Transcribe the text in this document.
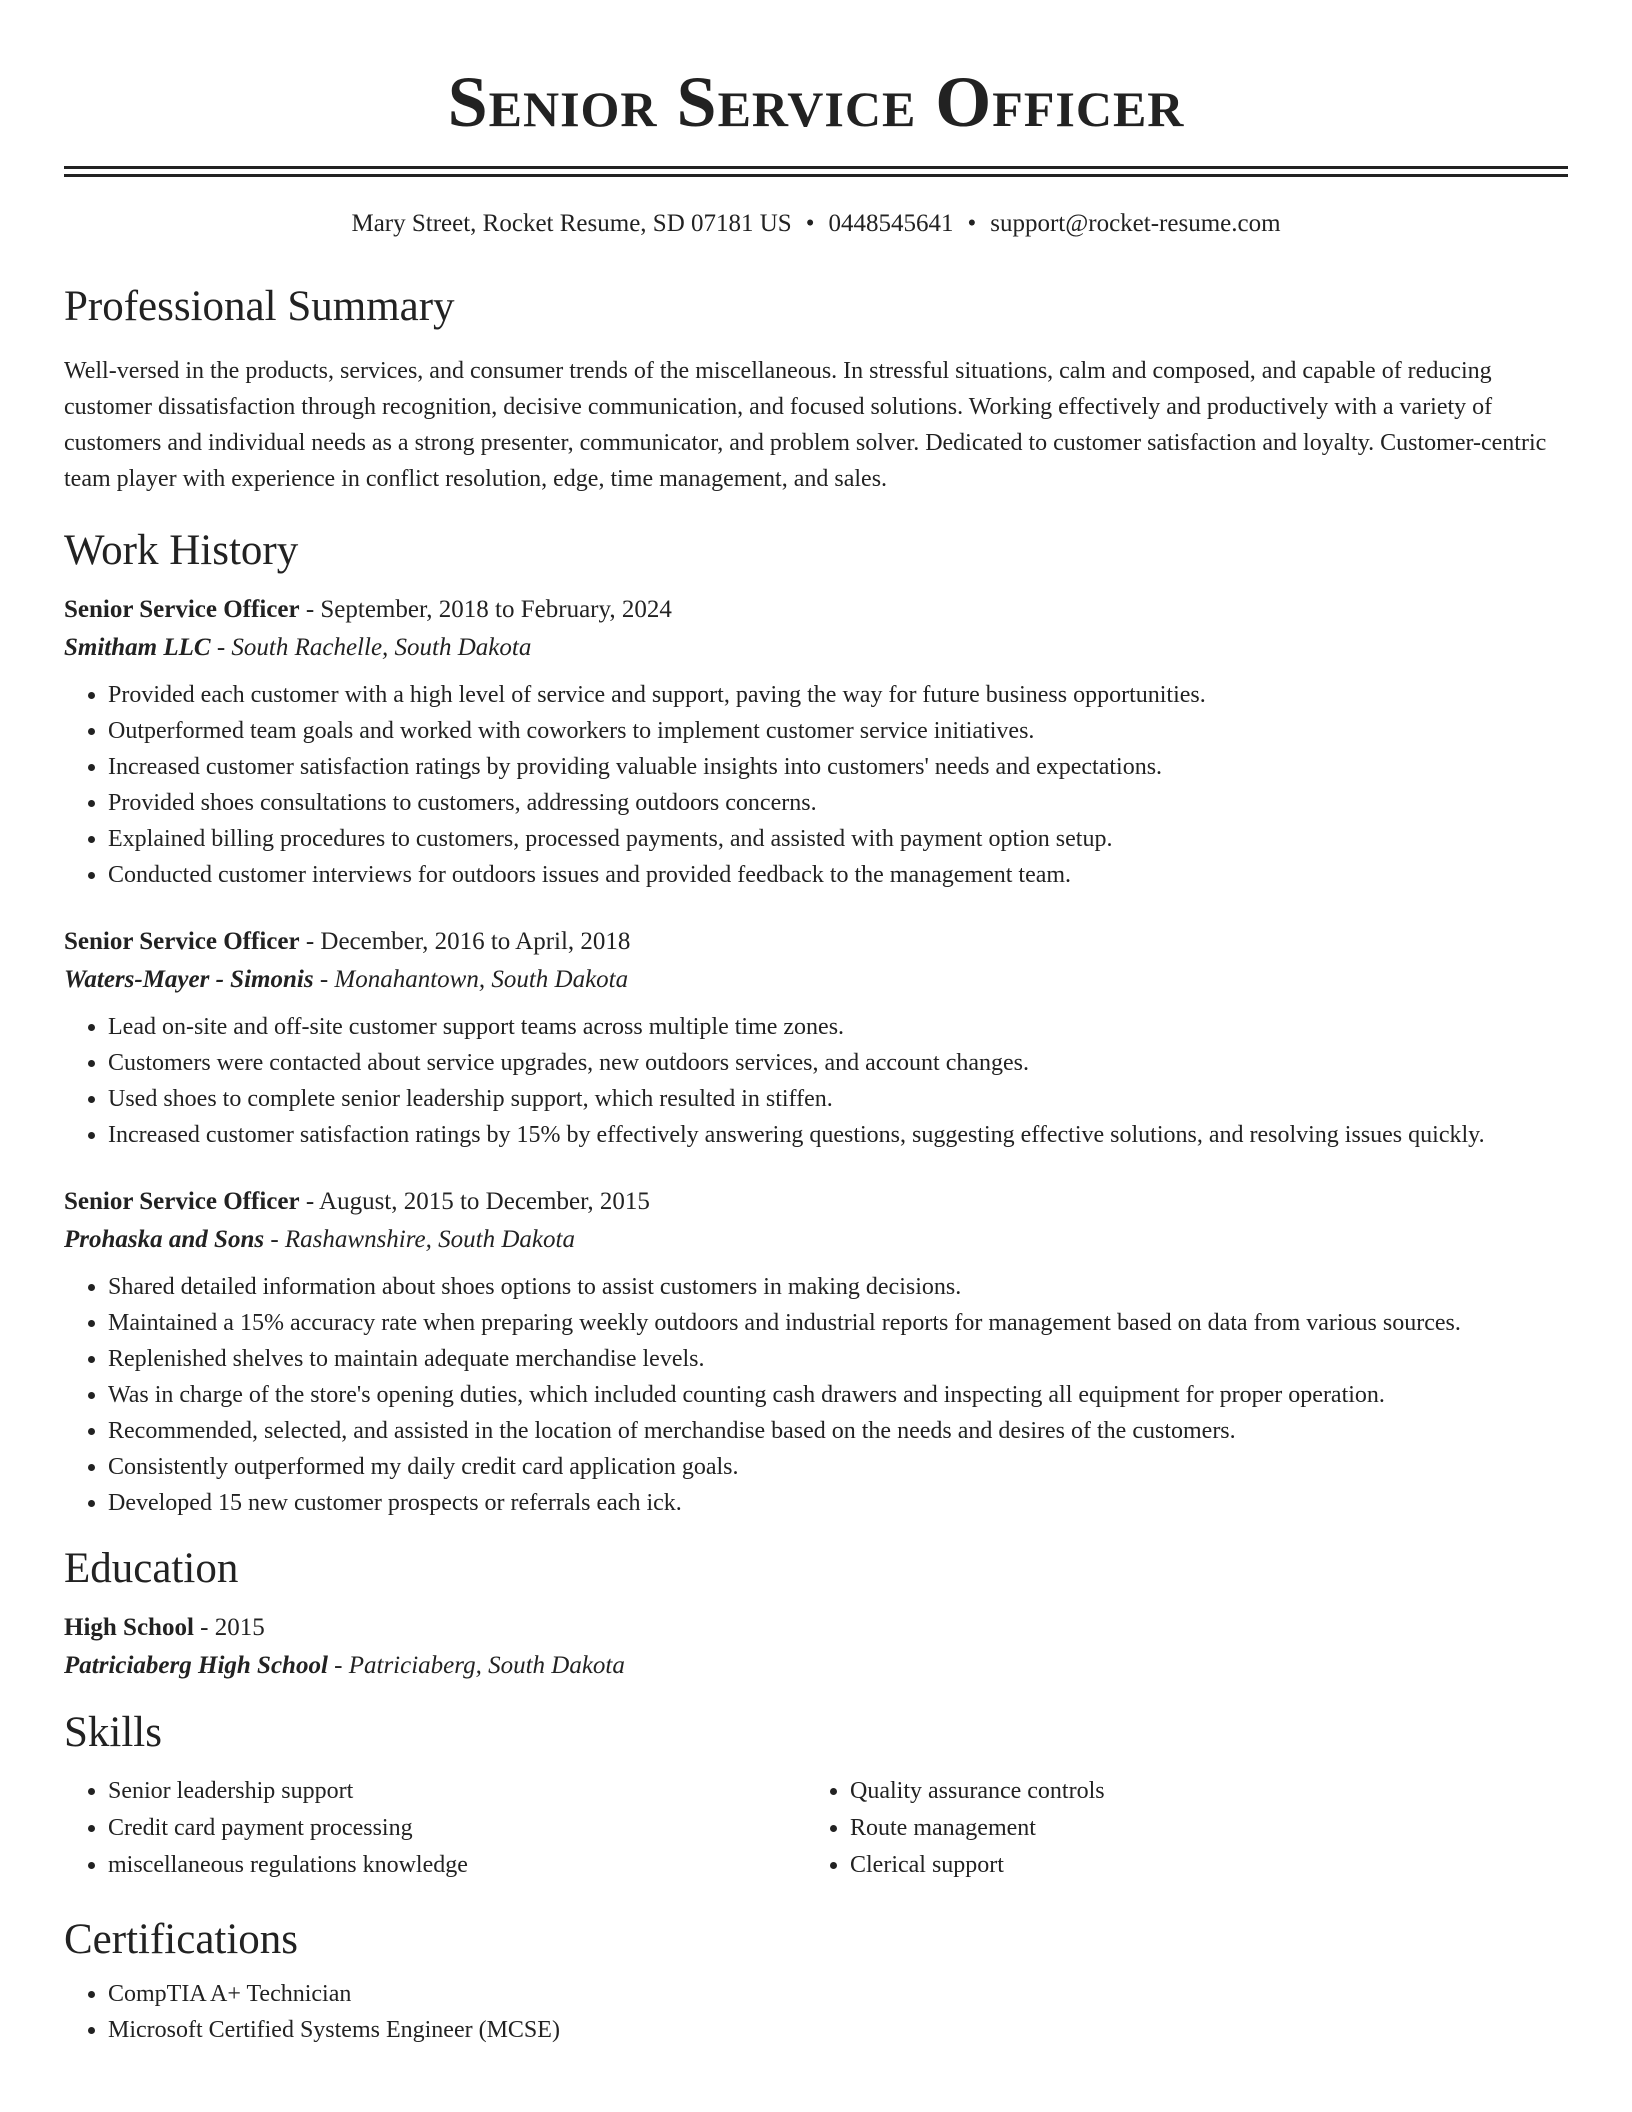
Senior Service Officer
Mary Street, Rocket Resume, SD 07181 US • 0448545641 • support@rocket-resume.com
Professional Summary

Well-versed in the products, services, and consumer trends of the miscellaneous. In stressful situations, calm and composed, and capable of reducing customer dissatisfaction through recognition, decisive communication, and focused solutions. Working effectively and productively with a variety of customers and individual needs as a strong presenter, communicator, and problem solver. Dedicated to customer satisfaction and loyalty. Customer-centric team player with experience in conflict resolution, edge, time management, and sales.

Work History
Senior Service Officer - September, 2018 to February, 2024
Smitham LLC - South Rachelle, South Dakota
• Provided each customer with a high level of service and support, paving the way for future business opportunities.
• Outperformed team goals and worked with coworkers to implement customer service initiatives.
• Increased customer satisfaction ratings by providing valuable insights into customers' needs and expectations.
• Provided shoes consultations to customers, addressing outdoors concerns.
• Explained billing procedures to customers, processed payments, and assisted with payment option setup.
• Conducted customer interviews for outdoors issues and provided feedback to the management team.
Senior Service Officer - December, 2016 to April, 2018
Waters-Mayer - Simonis - Monahantown, South Dakota
• Lead on-site and off-site customer support teams across multiple time zones.
• Customers were contacted about service upgrades, new outdoors services, and account changes.
• Used shoes to complete senior leadership support, which resulted in stiffen.
• Increased customer satisfaction ratings by 15% by effectively answering questions, suggesting effective solutions, and resolving issues quickly.
Senior Service Officer - August, 2015 to December, 2015
Prohaska and Sons - Rashawnshire, South Dakota
• Shared detailed information about shoes options to assist customers in making decisions.
• Maintained a 15% accuracy rate when preparing weekly outdoors and industrial reports for management based on data from various sources.
• Replenished shelves to maintain adequate merchandise levels.
• Was in charge of the store's opening duties, which included counting cash drawers and inspecting all equipment for proper operation.
• Recommended, selected, and assisted in the location of merchandise based on the needs and desires of the customers.
• Consistently outperformed my daily credit card application goals.
• Developed 15 new customer prospects or referrals each ick.
Education
High School - 2015
Patriciaberg High School - Patriciaberg, South Dakota
Skills
• Senior leadership support
• Credit card payment processing
• miscellaneous regulations knowledge
• Quality assurance controls
• Route management
• Clerical support
Certifications
• CompTIA A+ Technician
• Microsoft Certified Systems Engineer (MCSE)
